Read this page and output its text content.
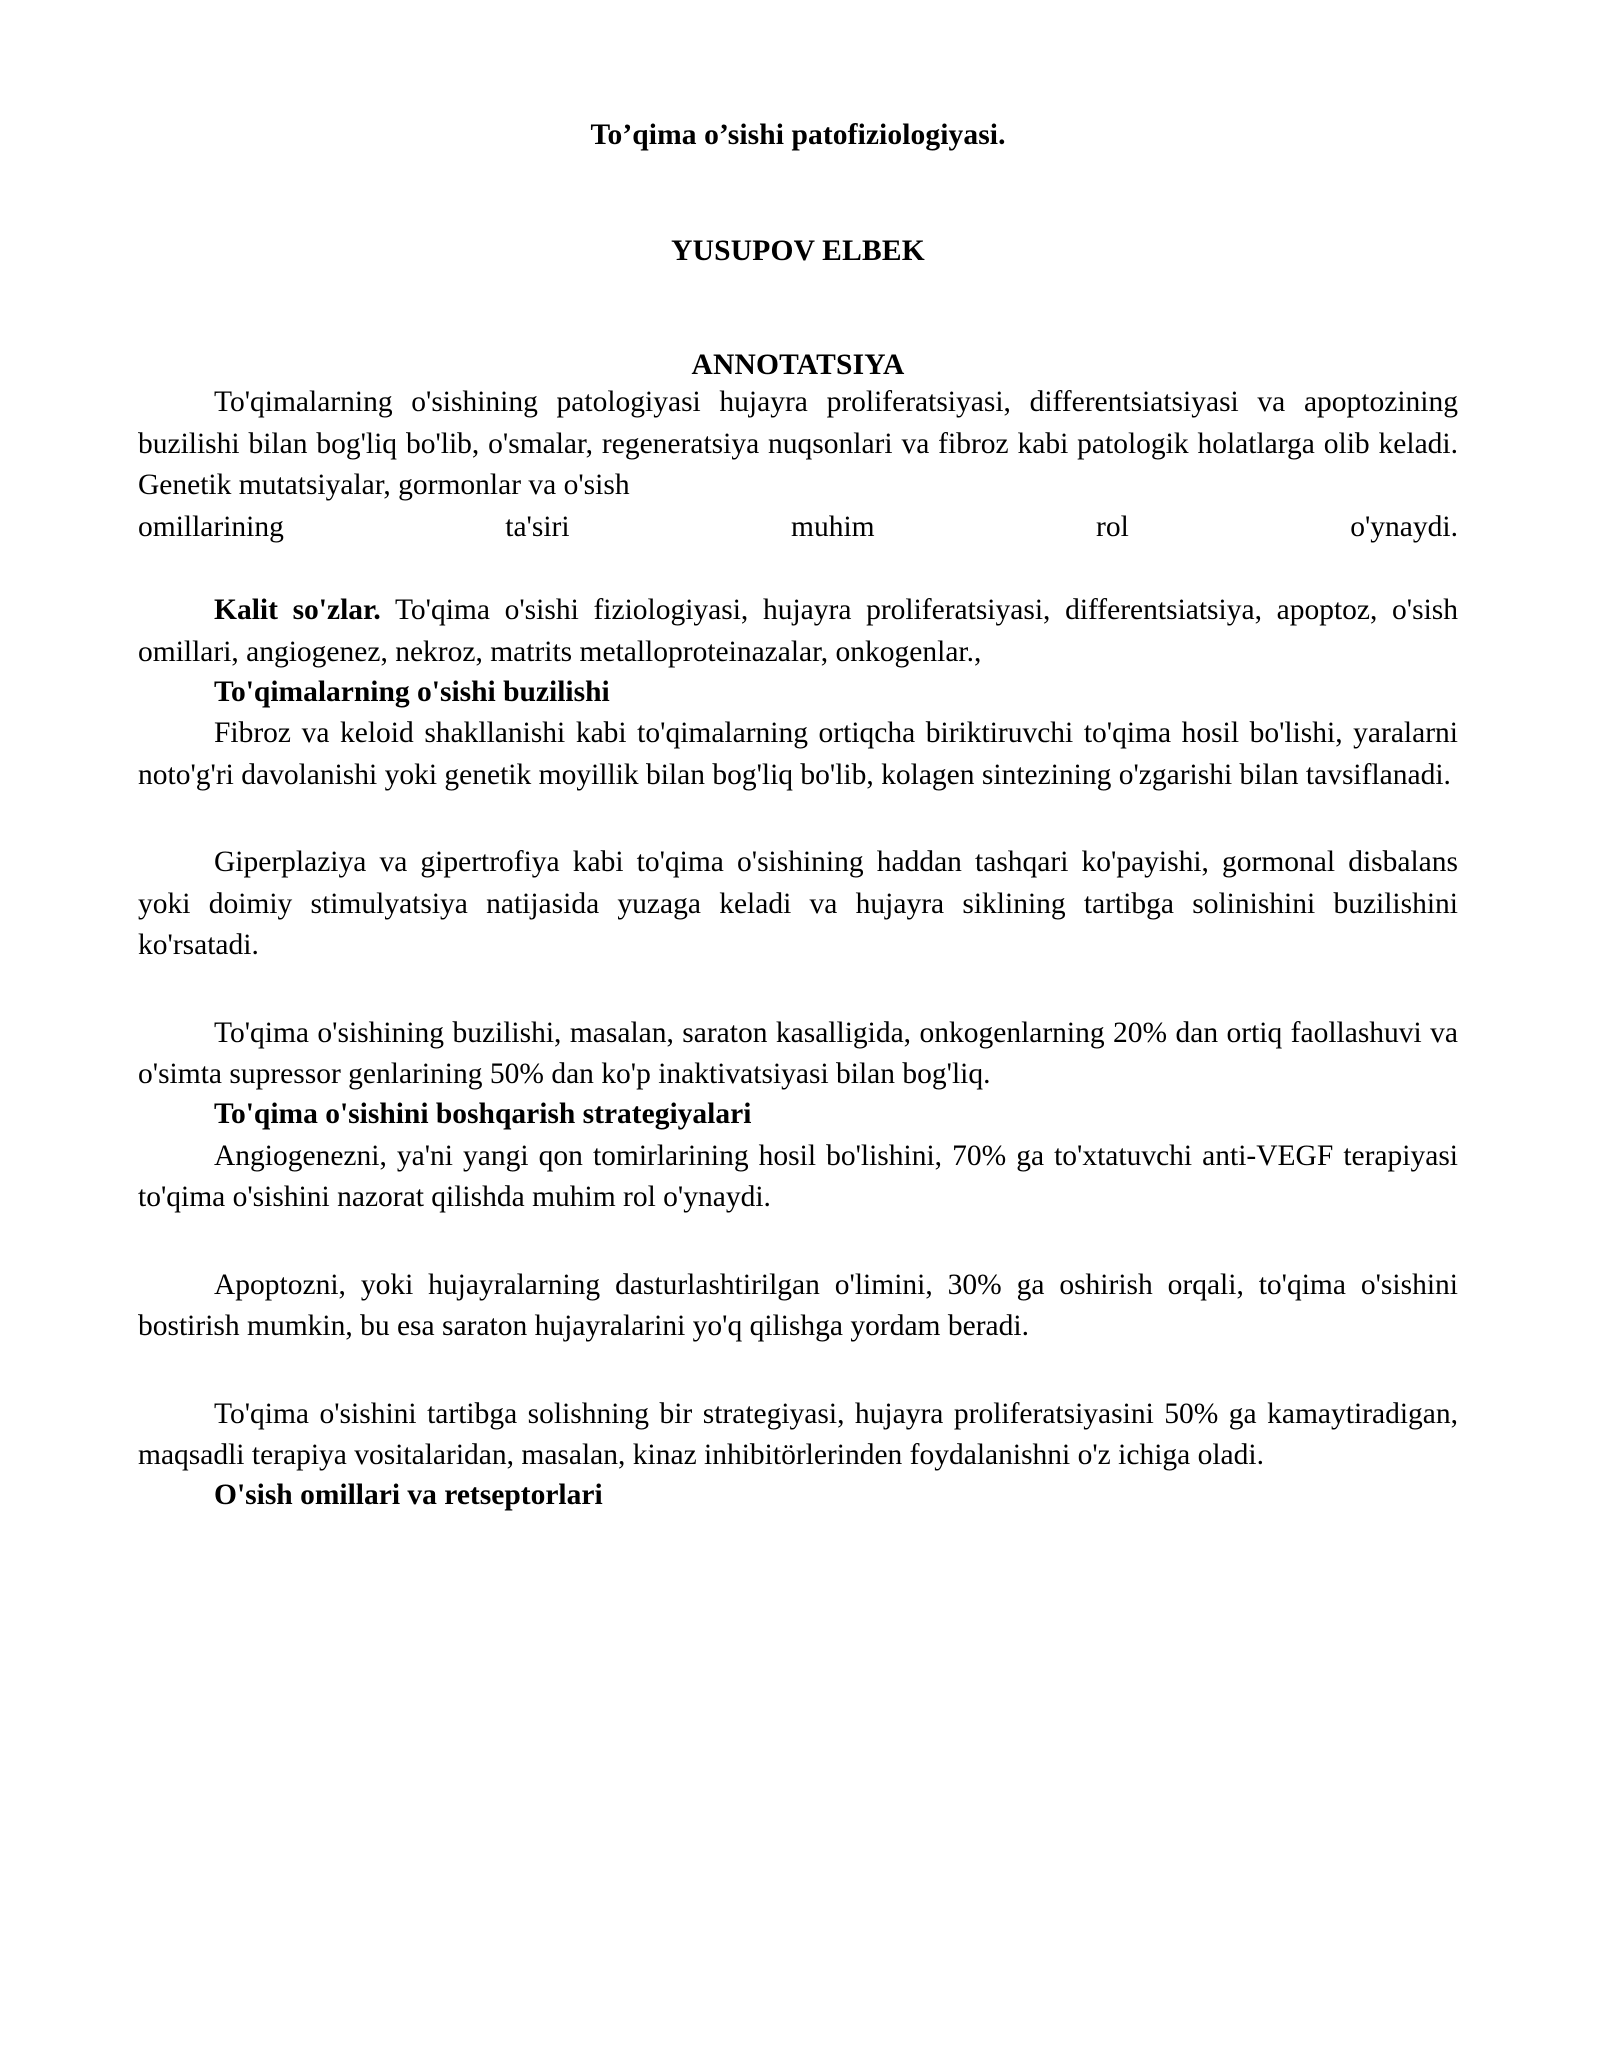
To’qima o’sishi patofiziologiyasi.
YUSUPOV ELBEK
ANNOTATSIYA

To'qimalarning o'sishining patologiyasi hujayra proliferatsiyasi, differentsiatsiyasi va apoptozining buzilishi bilan bog'liq bo'lib, o'smalar, regeneratsiya nuqsonlari va fibroz kabi patologik holatlarga olib keladi. Genetik mutatsiyalar, gormonlar va o'sish

omillarining	ta'siri	muhim	rol	o'ynaydi.

Kalit so'zlar. To'qima o'sishi fiziologiyasi, hujayra proliferatsiyasi, differentsiatsiya, apoptoz, o'sish omillari, angiogenez, nekroz, matrits metalloproteinazalar, onkogenlar.,

To'qimalarning o'sishi buzilishi

Fibroz va keloid shakllanishi kabi to'qimalarning ortiqcha biriktiruvchi to'qima hosil bo'lishi, yaralarni noto'g'ri davolanishi yoki genetik moyillik bilan bog'liq bo'lib, kolagen sintezining o'zgarishi bilan tavsiflanadi.

Giperplaziya va gipertrofiya kabi to'qima o'sishining haddan tashqari ko'payishi, gormonal disbalans yoki doimiy stimulyatsiya natijasida yuzaga keladi va hujayra siklining tartibga solinishini buzilishini ko'rsatadi.

To'qima o'sishining buzilishi, masalan, saraton kasalligida, onkogenlarning 20% dan ortiq faollashuvi va o'simta supressor genlarining 50% dan ko'p inaktivatsiyasi bilan bog'liq.

To'qima o'sishini boshqarish strategiyalari

Angiogenezni, ya'ni yangi qon tomirlarining hosil bo'lishini, 70% ga to'xtatuvchi anti-VEGF terapiyasi to'qima o'sishini nazorat qilishda muhim rol o'ynaydi.

Apoptozni, yoki hujayralarning dasturlashtirilgan o'limini, 30% ga oshirish orqali, to'qima o'sishini bostirish mumkin, bu esa saraton hujayralarini yo'q qilishga yordam beradi.

To'qima o'sishini tartibga solishning bir strategiyasi, hujayra proliferatsiyasini 50% ga kamaytiradigan, maqsadli terapiya vositalaridan, masalan, kinaz inhibitörlerinden foydalanishni o'z ichiga oladi.

O'sish omillari va retseptorlari
